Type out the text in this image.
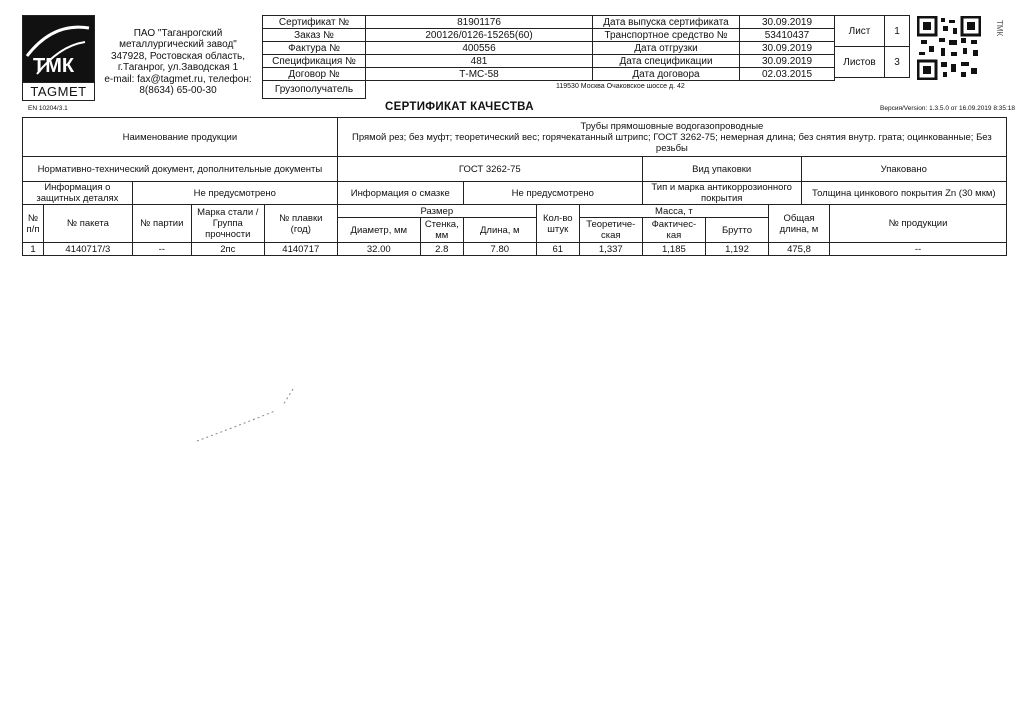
ТМК
TAGMET
ПАО "Таганрогский
металлургический завод"
347928, Ростовская область,
г.Таганрог, ул.Заводская 1
e-mail: fax@tagmet.ru, телефон:
8(8634) 65-00-30
Сертификат №	81901176	Дата выпуска сертификата	30.09.2019
Заказ №	200126/0126-15265(60)	Транспортное средство №	53410437
Фактура №	400556	Дата отгрузки	30.09.2019
Спецификация №	481	Дата спецификации	30.09.2019
Договор №	Т-МС-58	Дата договора	02.03.2015
Грузополучатель	119530 Москва Очаковское шоссе д. 42		
Лист	1
Листов	3
ТМК
EN 10204/3.1	СЕРТИФИКАТ КАЧЕСТВА	Версия/Version: 1.3.5.0 от 16.09.2019 8:35:18
Наименование продукции					Трубы прямошовные водогазопроводные
Прямой рез; без муфт; теоретический вес; горячекатанный штрипс; ГОСТ 3262-75; немерная длина; без снятия внутр. грата; оцинкованные; Без резьбы									

Нормативно-технический документ, дополнительные документы					ГОСТ 3262-75					Вид упаковки			Упаковано	
Информация о защитных деталях		Не предусмотрено			Информация о смазке		Не предусмотрено			Тип и марка антикоррозионного покрытия			Толщина цинкового покрытия Zn (30 мкм)	
№ п/п	№ пакета	№ партии	Марка стали / Группа прочности	№ плавки (год)	Размер			Кол-во штук	Масса, т			Общая длина, м		№ продукции
					Диаметр, мм	Стенка, мм	Длина, м		Теоретиче-ская	Фактичес-кая	Брутто			
1	4140717/3	--	2пс	4140717	32.00	2.8	7.80	61	1,337	1,185	1,192	475,8		--
